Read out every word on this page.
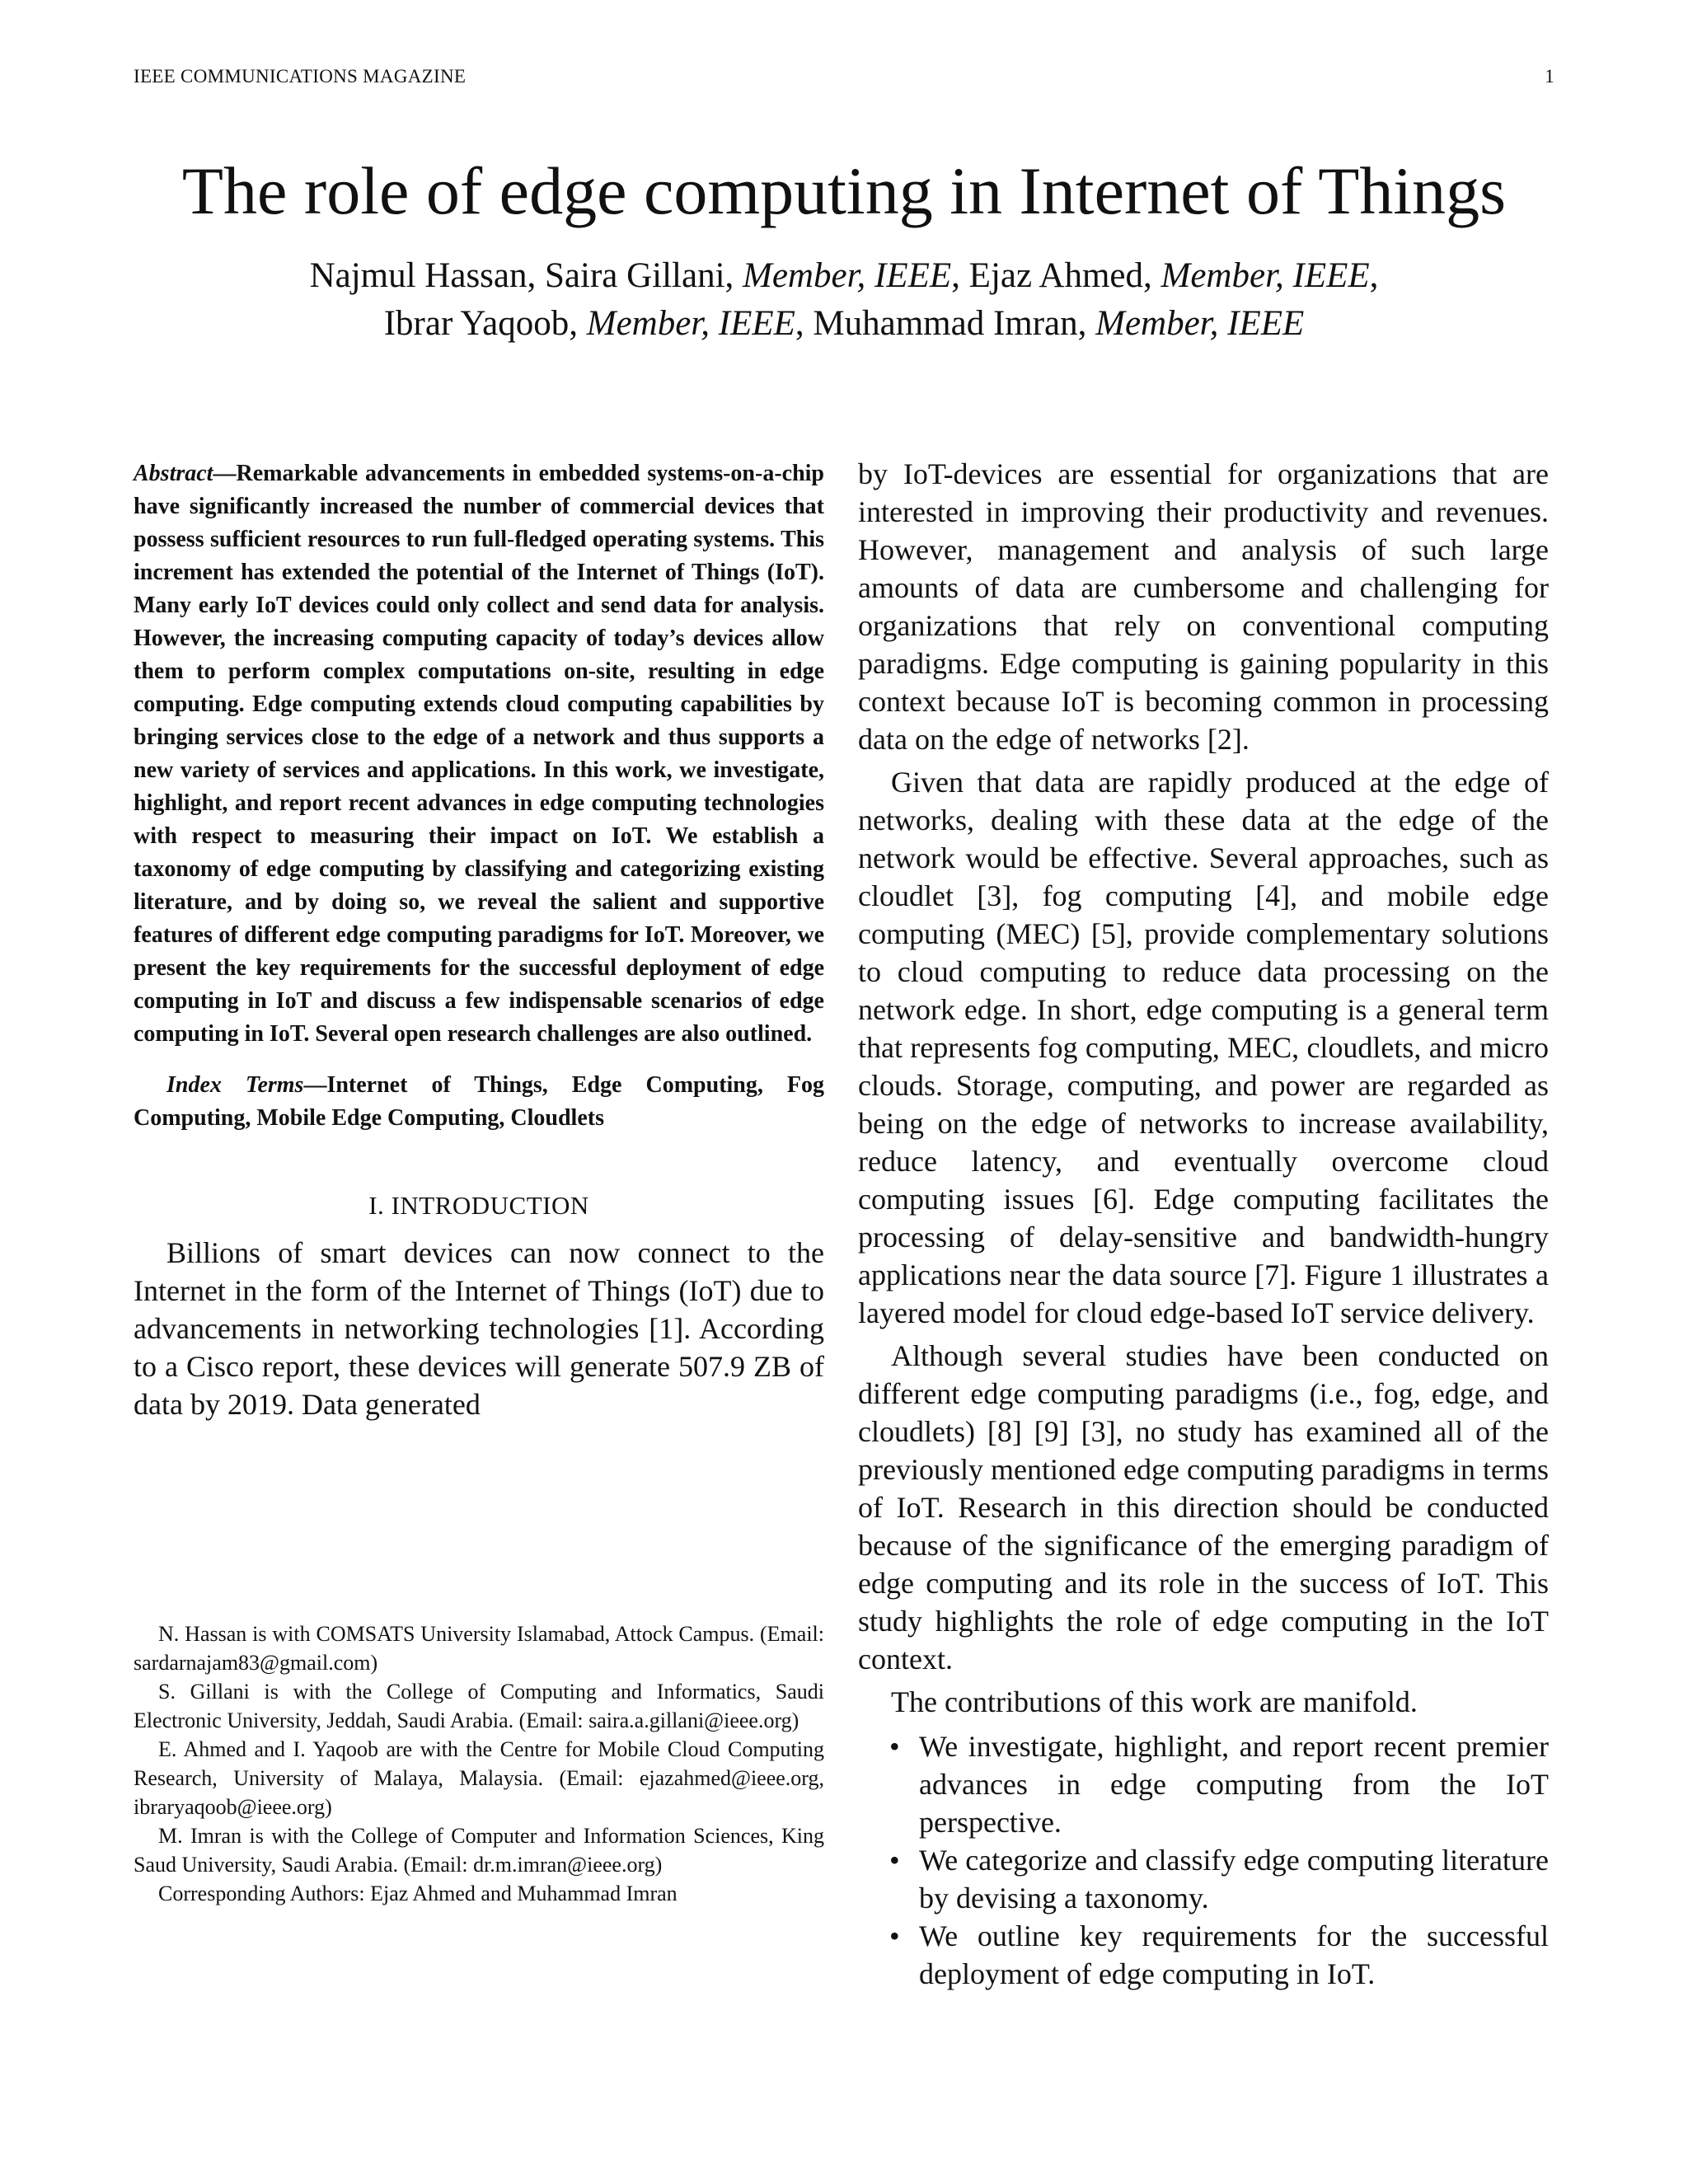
IEEE COMMUNICATIONS MAGAZINE	1
The role of edge computing in Internet of Things
Najmul Hassan, Saira Gillani, Member, IEEE, Ejaz Ahmed, Member, IEEE,
Ibrar Yaqoob, Member, IEEE, Muhammad Imran, Member, IEEE

Abstract—Remarkable advancements in embedded systems-on-a-chip have significantly increased the number of commercial devices that possess sufficient resources to run full-fledged operating systems. This increment has extended the potential of the Internet of Things (IoT). Many early IoT devices could only collect and send data for analysis. However, the increasing computing capacity of today’s devices allow them to perform complex computations on-site, resulting in edge computing. Edge computing extends cloud computing capabilities by bringing services close to the edge of a network and thus supports a new variety of services and applications. In this work, we investigate, highlight, and report recent advances in edge computing technologies with respect to measuring their impact on IoT. We establish a taxonomy of edge computing by classifying and categorizing existing literature, and by doing so, we reveal the salient and supportive features of different edge computing paradigms for IoT. Moreover, we present the key requirements for the successful deployment of edge computing in IoT and discuss a few indispensable scenarios of edge computing in IoT. Several open research challenges are also outlined.

Index Terms—Internet of Things, Edge Computing, Fog Computing, Mobile Edge Computing, Cloudlets

I. INTRODUCTION

Billions of smart devices can now connect to the Internet in the form of the Internet of Things (IoT) due to advancements in networking technologies [1]. According to a Cisco report, these devices will generate 507.9 ZB of data by 2019. Data generated

N. Hassan is with COMSATS University Islamabad, Attock Campus. (Email: sardarnajam83@gmail.com)

S. Gillani is with the College of Computing and Informatics, Saudi Electronic University, Jeddah, Saudi Arabia. (Email: saira.a.gillani@ieee.org)

E. Ahmed and I. Yaqoob are with the Centre for Mobile Cloud Computing Research, University of Malaya, Malaysia. (Email: ejazahmed@ieee.org, ibraryaqoob@ieee.org)

M. Imran is with the College of Computer and Information Sciences, King Saud University, Saudi Arabia. (Email: dr.m.imran@ieee.org)

Corresponding Authors: Ejaz Ahmed and Muhammad Imran

by IoT-devices are essential for organizations that are interested in improving their productivity and revenues. However, management and analysis of such large amounts of data are cumbersome and challenging for organizations that rely on conventional computing paradigms. Edge computing is gaining popularity in this context because IoT is becoming common in processing data on the edge of networks [2].

Given that data are rapidly produced at the edge of networks, dealing with these data at the edge of the network would be effective. Several approaches, such as cloudlet [3], fog computing [4], and mobile edge computing (MEC) [5], provide complementary solutions to cloud computing to reduce data processing on the network edge. In short, edge computing is a general term that represents fog computing, MEC, cloudlets, and micro clouds. Storage, computing, and power are regarded as being on the edge of networks to increase availability, reduce latency, and eventually overcome cloud computing issues [6]. Edge computing facilitates the processing of delay-sensitive and bandwidth-hungry applications near the data source [7]. Figure 1 illustrates a layered model for cloud edge-based IoT service delivery.

Although several studies have been conducted on different edge computing paradigms (i.e., fog, edge, and cloudlets) [8] [9] [3], no study has examined all of the previously mentioned edge computing paradigms in terms of IoT. Research in this direction should be conducted because of the significance of the emerging paradigm of edge computing and its role in the success of IoT. This study highlights the role of edge computing in the IoT context.

The contributions of this work are manifold.

• We investigate, highlight, and report recent premier advances in edge computing from the IoT perspective.
• We categorize and classify edge computing literature by devising a taxonomy.
• We outline key requirements for the successful deployment of edge computing in IoT.
